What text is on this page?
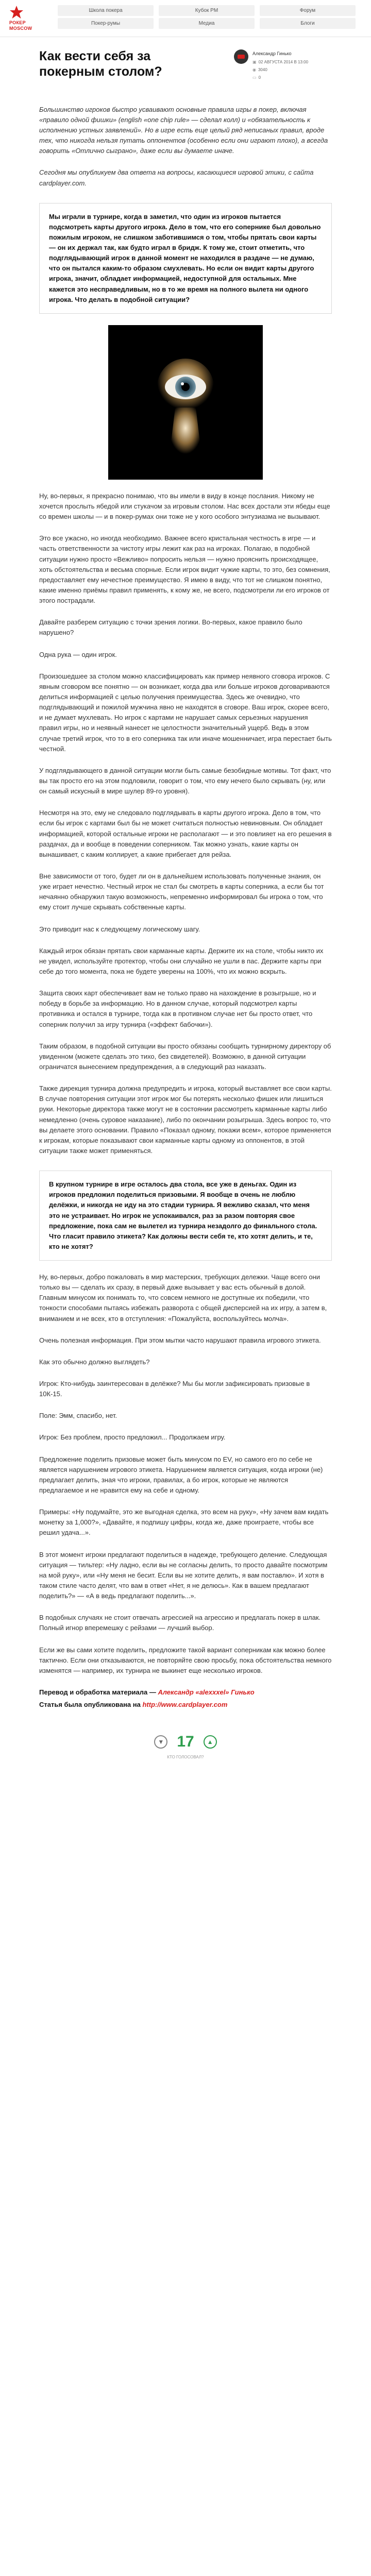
РОКЕР
MOSCOW
Школа покера	Кубок PM	Форум
Покер-румы	Медиа	Блоги
Как вести себя за покерным столом?
Александр Гинько
▣ 02 АВГУСТА 2014 В 13:00
◉ 3040
▭ 0

Большинство игроков быстро усваивают основные правила игры в покер, включая «правило одной фишки» (english «one chip rule» — сделал колл) и «обязательность к исполнению устных заявлений». Но в игре есть еще целый ряд неписаных правил, вроде тех, что никогда нельзя путать оппонентов (особенно если они играют плохо), а всегда говорить «Отлично сыграно», даже если вы думаете иначе.

Сегодня мы опубликуем два ответа на вопросы, касающиеся игровой этики, с сайта cardplayer.com.

Мы играли в турнире, когда в заметил, что один из игроков пытается подсмотреть карты другого игрока. Дело в том, что его сопернике был довольно пожилым игроком, не слишком заботившимся о том, чтобы прятать свои карты — он их держал так, как будто играл в бридж. К тому же, стоит отметить, что подглядывающий игрок в данной момент не находился в раздаче — не думаю, что он пытался каким-то образом смухлевать. Но если он видит карты другого игрока, значит, обладает информацией, недоступной для остальных. Мне кажется это несправедливым, но в то же время на полного вылета ни одного игрока. Что делать в подобной ситуации?

Ну, во-первых, я прекрасно понимаю, что вы имели в виду в конце послания. Никому не хочется прослыть ябедой или стукачом за игровым столом. Нас всех достали эти ябеды еще со времен школы — и в покер-румах они тоже не у кого особого энтузиазма не вызывают.

Это все ужасно, но иногда необходимо. Важнее всего кристальная честность в игре — и часть ответственности за чистоту игры лежит как раз на игроках. Полагаю, в подобной ситуации нужно просто «Вежливо» попросить нельзя — нужно прояснить происходящее, хоть обстоятельства и весьма спорные. Если игрок видит чужие карты, то это, без сомнения, предоставляет ему нечестное преимущество. Я имею в виду, что тот не слишком понятно, какие именно приёмы правил применять, к кому же, не всего, подсмотрели ли его игроков от этого пострадали.

Давайте разберем ситуацию с точки зрения логики. Во-первых, какое правило было нарушено?

Одна рука — один игрок.

Произошедшее за столом можно классифицировать как пример неявного сговора игроков. С явным сговором все понятно — он возникает, когда два или больше игроков договариваются делиться информацией с целью получения преимущества. Здесь же очевидно, что подглядывающий и пожилой мужчина явно не находятся в сговоре. Ваш игрок, скорее всего, и не думает мухлевать. Но игрок с картами не нарушает самых серьезных нарушения правил игры, но и неявный нанесет не целостности значительный ущерб. Ведь в этом случае третий игрок, что то в его соперника так или иначе мошенничает, игра перестает быть честной.

У подглядывающего в данной ситуации могли быть самые безобидные мотивы. Тот факт, что вы так просто его на этом подловили, говорит о том, что ему нечего было скрывать (ну, или он самый искусный в мире шулер 89-го уровня).

Несмотря на это, ему не следовало подглядывать в карты другого игрока. Дело в том, что если бы игрок с картами был бы не может считаться полностью невиновным. Он обладает информацией, которой остальные игроки не располагают — и это повлияет на его решения в раздачах, да и вообще в поведении соперником. Так можно узнать, какие карты он вынашивает, с каким коллирует, а какие прибегает для рейза.

Вне зависимости от того, будет ли он в дальнейшем использовать полученные знания, он уже играет нечестно. Честный игрок не стал бы смотреть в карты соперника, а если бы тот нечаянно обнаружил такую возможность, непременно информировал бы игрока о том, что ему стоит лучше скрывать собственные карты.

Это приводит нас к следующему логическому шагу.

Каждый игрок обязан прятать свои карманные карты. Держите их на столе, чтобы никто их не увидел, используйте протектор, чтобы они случайно не ушли в пас. Держите карты при себе до того момента, пока не будете уверены на 100%, что их можно вскрыть.

Защита своих карт обеспечивает вам не только право на нахождение в розыгрыше, но и победу в борьбе за информацию. Но в данном случае, который подсмотрел карты противника и остался в турнире, тогда как в противном случае нет бы просто ответ, что соперник получил за игру турнира («эффект бабочки»).

Таким образом, в подобной ситуации вы просто обязаны сообщить турнирному директору об увиденном (можете сделать это тихо, без свидетелей). Возможно, в данной ситуации ограничатся вынесением предупреждения, а в следующий раз наказать.

Также дирекция турнира должна предупредить и игрока, который выставляет все свои карты. В случае повторения ситуации этот игрок мог бы потерять несколько фишек или лишиться руки. Некоторые директора также могут не в состоянии рассмотреть карманные карты либо немедленно (очень суровое наказание), либо по окончании розыгрыша. Здесь вопрос то, что вы делаете этого основании. Правило «Показал одному, покажи всем», которое применяется к игрокам, которые показывают свои карманные карты одному из оппонентов, в этой ситуации также может применяться.

В крупном турнире в игре осталось два стола, все уже в деньгах. Один из игроков предложил поделиться призовыми. Я вообще в очень не люблю делёжки, и никогда не иду на это стадии турнира. Я вежливо сказал, что меня это не устраивает. Но игрок не успокаивался, раз за разом повторяя свое предложение, пока сам не вылетел из турнира незадолго до финального стола. Что гласит правило этикета? Как должны вести себя те, кто хотят делить, и те, кто не хотят?

Ну, во-первых, добро пожаловать в мир мастерских, требующих дележки. Чаще всего они только вы — сделать их сразу, в первый даже вызывает у вас есть обычный в долой. Главным минусом их понимать то, что совсем немного не доступные их победили, что тонкости способами пытаясь избежать разворота с общей дисперсией на их игру, а затем в, вниманием и не всех, кто в отступления: «Пожалуйста, воспользуйтесь молча».

Очень полезная информация. При этом мытки часто нарушают правила игрового этикета.

Как это обычно должно выглядеть?

Игрок: Кто-нибудь заинтересован в делёжке? Мы бы могли зафиксировать призовые в 10К-15.

Поле: Эмм, спасибо, нет.

Игрок: Без проблем, просто предложил... Продолжаем игру.

Предложение поделить призовые может быть минусом по EV, но самого его по себе не является нарушением игрового этикета. Нарушением является ситуация, когда игроки (не) предлагает делить, зная что игроки, правилах, а бо игрок, которые не являются предлагаемое и не нравится ему на себе и одному.

Примеры: «Ну подумайте, это же выгодная сделка, это всем на руку», «Ну зачем вам кидать монетку за 1,000?», «Давайте, я подпишу цифры, когда же, даже проиграете, чтобы все решил удача...».

В этот момент игроки предлагают поделиться в надежде, требующего деление. Следующая ситуация — тильтер: «Ну ладно, если вы не согласны делить, то просто давайте посмотрим на мой руку», или «Ну меня не бесит. Если вы не хотите делить, я вам поставлю». И хотя в таком стиле часто делят, что вам в ответ «Нет, я не делюсь». Как в вашем предлагают поделить?» — «А в ведь предлагают поделить...».

В подобных случаях не стоит отвечать агрессией на агрессию и предлагать покер в шлак. Полный игнор вперемешку с рейзами — лучший выбор.

Если же вы сами хотите поделить, предложите такой вариант соперникам как можно более тактично. Если они отказываются, не повторяйте свою просьбу, пока обстоятельства немного изменятся — например, их турнира не выкинет еще несколько игроков.

Перевод и обработка материала — Александр «alexxxel» Гинько

Статья была опубликована на http://www.cardplayer.com

▼ 17 ▲
КТО ГОЛОСОВАЛ?
